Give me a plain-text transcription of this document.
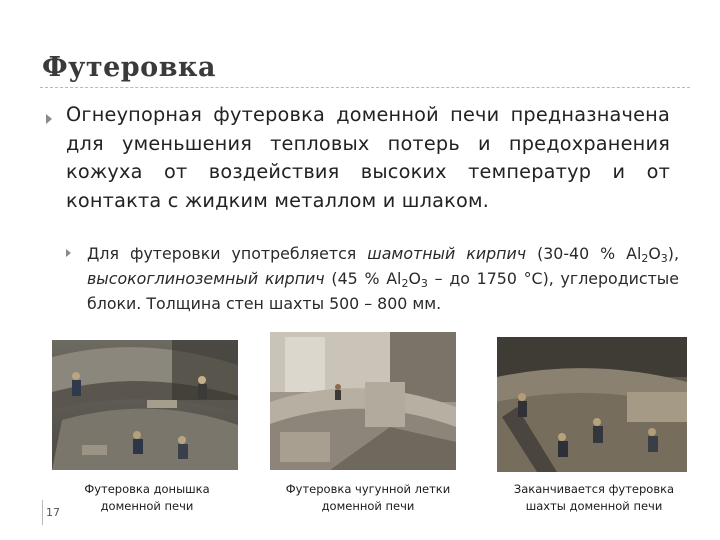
Футеровка

Огнеупорная футеровка доменной печи предназначена для уменьшения тепловых потерь и предохранения кожуха от воздействия высоких температур и от контакта с жидким металлом и шлаком.

Для футеровки употребляется шамотный кирпич (30-40 % $Al_2O_3$), высокоглиноземный кирпич (45 % $Al_2O_3$ – до 1750 °С), углеродистые блоки. Толщина стен шахты 500 – 800 мм.

Футеровка донышка
доменной печи
Футеровка чугунной летки
доменной печи
Заканчивается футеровка
шахты доменной печи
17
